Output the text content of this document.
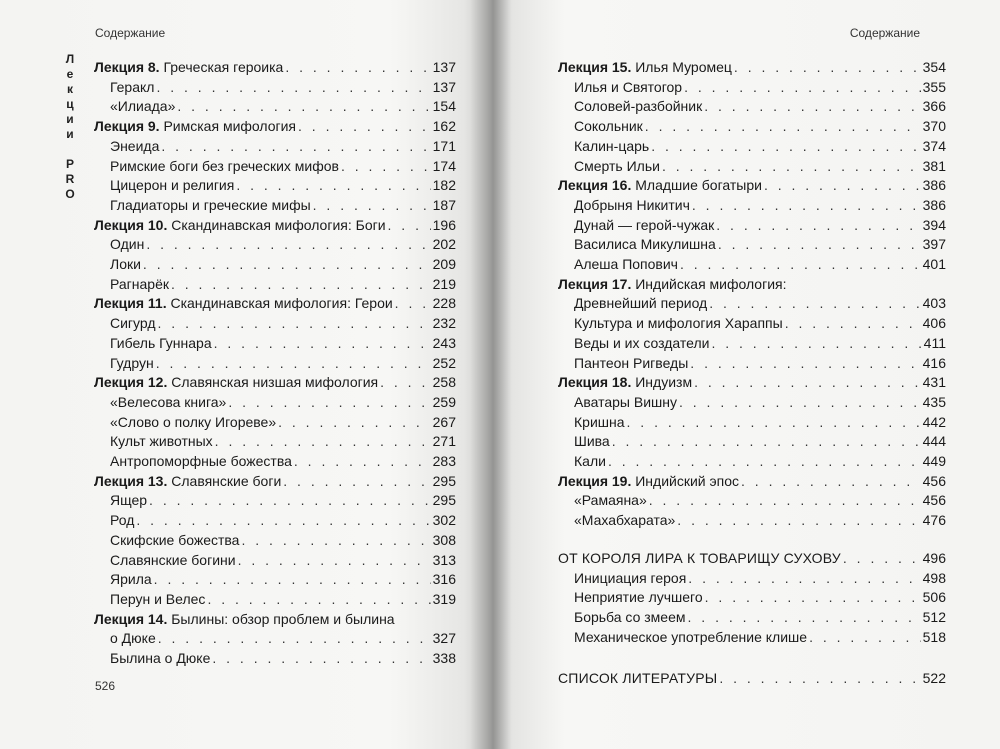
Содержание
Лекции PRO Лекция 8. Греческая героика . . .	137
Геракл . . .	137
«Илиада» . . .	154
Лекция 9. Римская мифология . . .	162
Энеида . . .	171
Римские боги без греческих мифов . . .	174
Цицерон и религия . . .	182
Гладиаторы и греческие мифы . . .	187
Лекция 10. Скандинавская мифология: Боги . . .	196
Один . . .	202
Локи . . .	209
Рагнарёк . . .	219
Лекция 11. Скандинавская мифология: Герои . . .	228
Сигурд . . .	232
Гибель Гуннара . . .	243
Гудрун . . .	252
Лекция 12. Славянская низшая мифология . . .	258
«Велесова книга» . . .	259
«Слово о полку Игореве» . . .	267
Культ животных . . .	271
Антропоморфные божества . . .	283
Лекция 13. Славянские боги . . .	295
Ящер . . .	295
Род . . .	302
Скифские божества . . .	308
Славянские богини . . .	313
Ярила . . .	316
Перун и Велес . . .	319
Лекция 14. Былины: обзор проблем и былина
о Дюке . . .	327
Былина о Дюке . . .	338
526
Содержание
Лекция 15. Илья Муромец . . .	354
Илья и Святогор . . .	355
Соловей-разбойник . . .	366
Сокольник . . .	370
Калин-царь . . .	374
Смерть Ильи . . .	381
Лекция 16. Младшие богатыри . . .	386
Добрыня Никитич . . .	386
Дунай — герой-чужак . . .	394
Василиса Микулишна . . .	397
Алеша Попович . . .	401
Лекция 17. Индийская мифология:
Древнейший период . . .	403
Культура и мифология Хараппы . . .	406
Веды и их создатели . . .	411
Пантеон Ригведы . . .	416
Лекция 18. Индуизм . . .	431
Аватары Вишну . . .	435
Кришна . . .	442
Шива . . .	444
Кали . . .	449
Лекция 19. Индийский эпос . . .	456
«Рамаяна» . . .	456
«Махабхарата» . . .	476
ОТ КОРОЛЯ ЛИРА К ТОВАРИЩУ СУХОВУ . . .	496
Инициация героя . . .	498
Неприятие лучшего . . .	506
Борьба со змеем . . .	512
Механическое употребление клише . . .	518
СПИСОК ЛИТЕРАТУРЫ . . .	522
